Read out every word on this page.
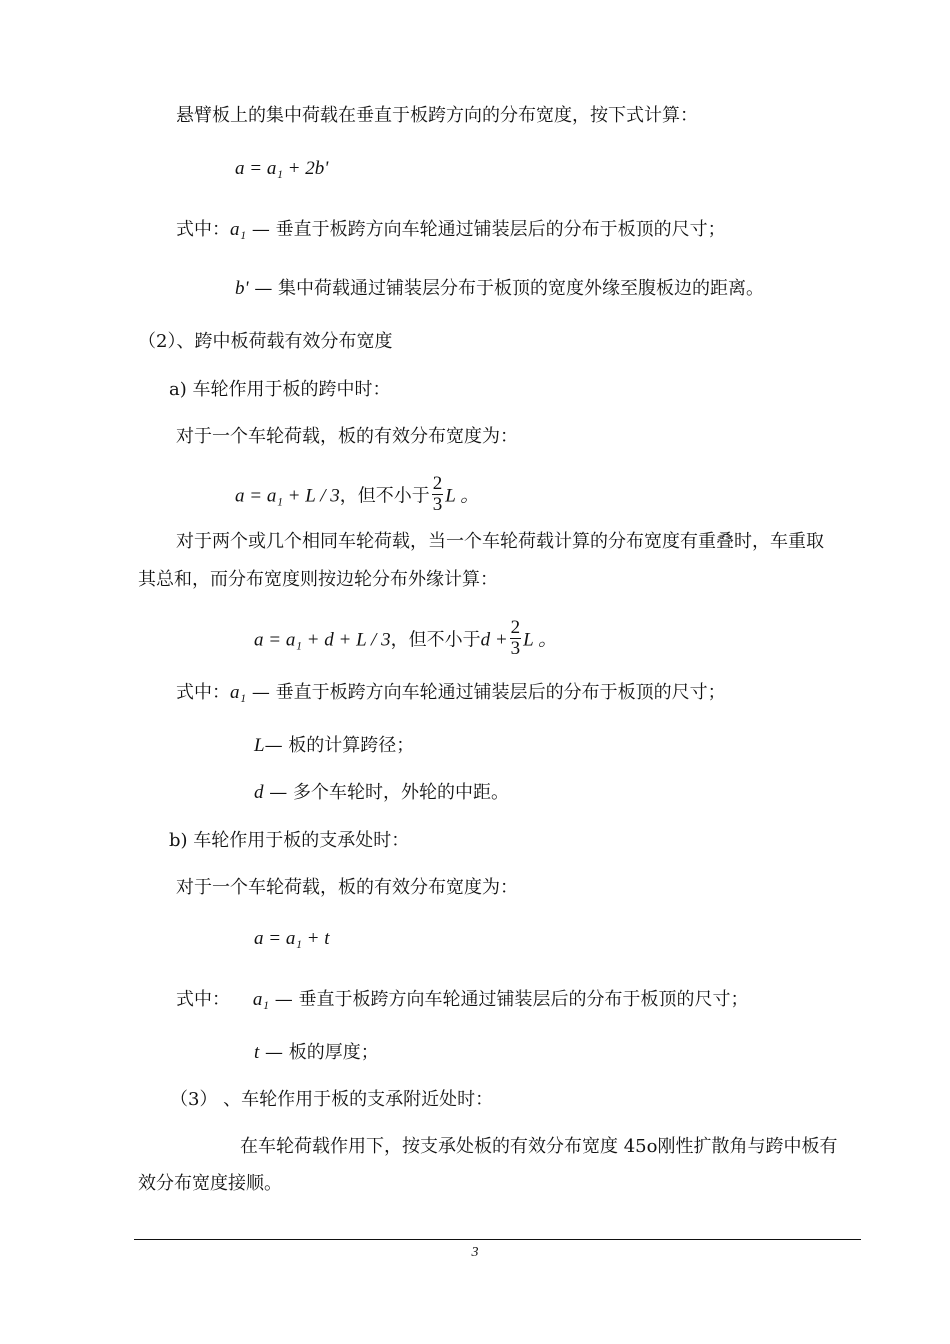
悬臂板上的集中荷载在垂直于板跨方向的分布宽度，按下式计算：
a = a₁ + 2b'
式中：a₁ — 垂直于板跨方向车轮通过铺装层后的分布于板顶的尺寸；
b' — 集中荷载通过铺装层分布于板顶的宽度外缘至腹板边的距离。
（2）、跨中板荷载有效分布宽度
a) 车轮作用于板的跨中时：
对于一个车轮荷载，板的有效分布宽度为：
a = a₁ + L / 3，但不小于 $\frac{2}{3}$ L 。
对于两个或几个相同车轮荷载，当一个车轮荷载计算的分布宽度有重叠时，车重取
其总和，而分布宽度则按边轮分布外缘计算：
a = a₁ + d + L / 3，但不小于$d + \frac{2}{3}$ L 。
式中：a₁ — 垂直于板跨方向车轮通过铺装层后的分布于板顶的尺寸；
L— 板的计算跨径；
d — 多个车轮时，外轮的中距。
b) 车轮作用于板的支承处时：
对于一个车轮荷载，板的有效分布宽度为：
a = a₁ + t
式中： a₁ — 垂直于板跨方向车轮通过铺装层后的分布于板顶的尺寸；
t — 板的厚度；
（3） 、车轮作用于板的支承附近处时：
在车轮荷载作用下，按支承处板的有效分布宽度 45o刚性扩散角与跨中板有
效分布宽度接顺。
3
